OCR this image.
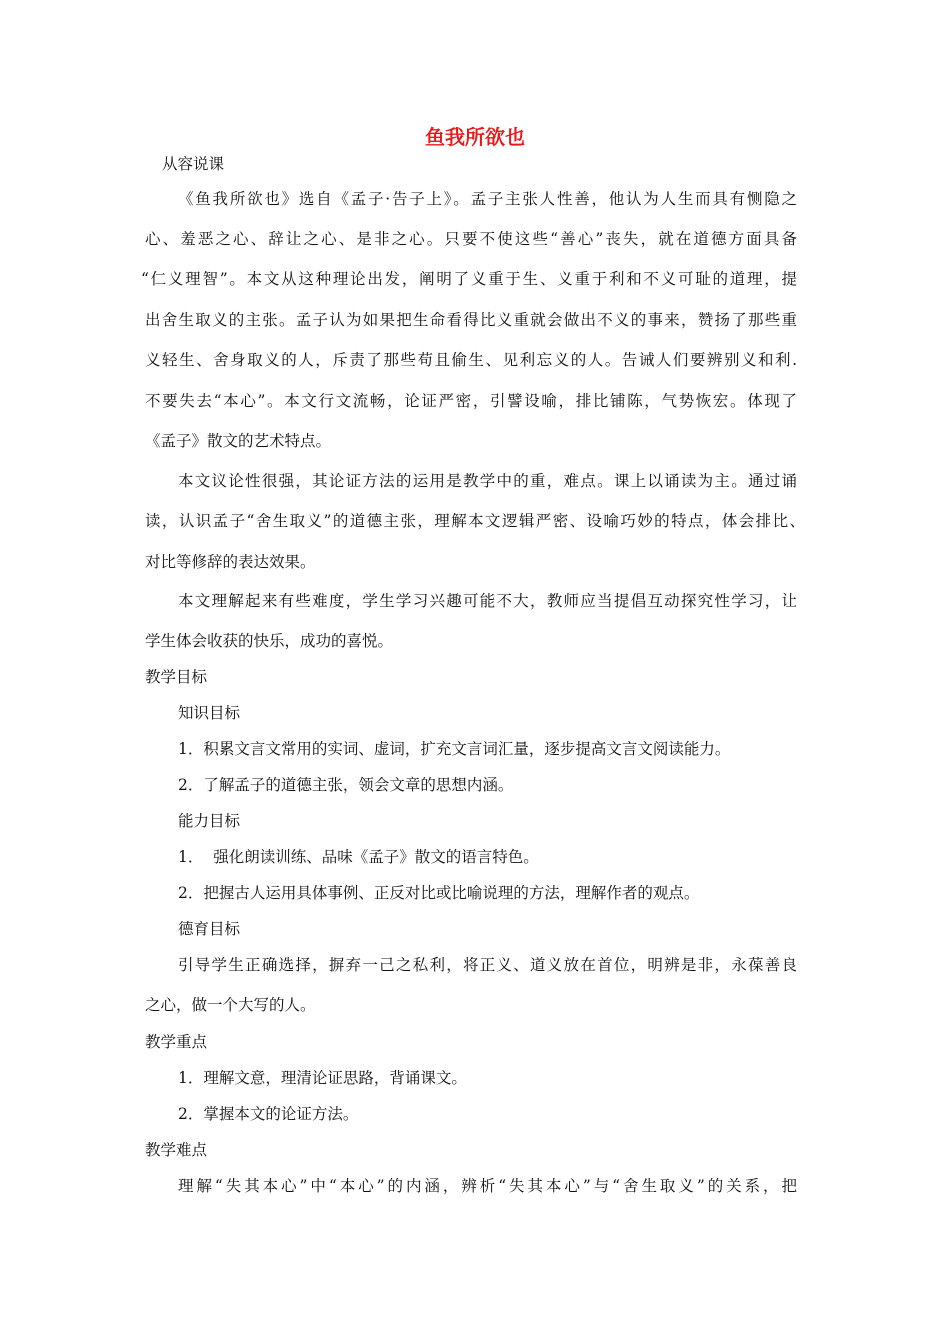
鱼我所欲也
从容说课
《鱼我所欲也》选自《孟子·告子上》。孟子主张人性善，他认为人生而具有恻隐之
心、羞恶之心、辞让之心、是非之心。只要不使这些“善心”丧失，就在道德方面具备
“仁义理智”。本文从这种理论出发，阐明了义重于生、义重于利和不义可耻的道理，提
出舍生取义的主张。孟子认为如果把生命看得比义重就会做出不义的事来，赞扬了那些重
义轻生、舍身取义的人，斥责了那些苟且偷生、见利忘义的人。告诫人们要辨别义和利.
不要失去“本心”。本文行文流畅，论证严密，引譬设喻，排比铺陈，气势恢宏。体现了
《孟子》散文的艺术特点。
本文议论性很强，其论证方法的运用是教学中的重，难点。课上以诵读为主。通过诵
读，认识孟子“舍生取义”的道德主张，理解本文逻辑严密、设喻巧妙的特点，体会排比、
对比等修辞的表达效果。
本文理解起来有些难度，学生学习兴趣可能不大，教师应当提倡互动探究性学习，让
学生体会收获的快乐，成功的喜悦。
教学目标
知识目标
1．积累文言文常用的实词、虚词，扩充文言词汇量，逐步提高文言文阅读能力。
2．了解孟子的道德主张，领会文章的思想内涵。
能力目标
1．  强化朗读训练、品味《孟子》散文的语言特色。
2．把握古人运用具体事例、正反对比或比喻说理的方法，理解作者的观点。
德育目标
引导学生正确选择，摒弃一己之私利，将正义、道义放在首位，明辨是非，永葆善良
之心，做一个大写的人。
教学重点
1．理解文意，理清论证思路，背诵课文。
2．掌握本文的论证方法。
教学难点
理解“失其本心”中“本心”的内涵，辨析“失其本心”与“舍生取义”的关系，把
